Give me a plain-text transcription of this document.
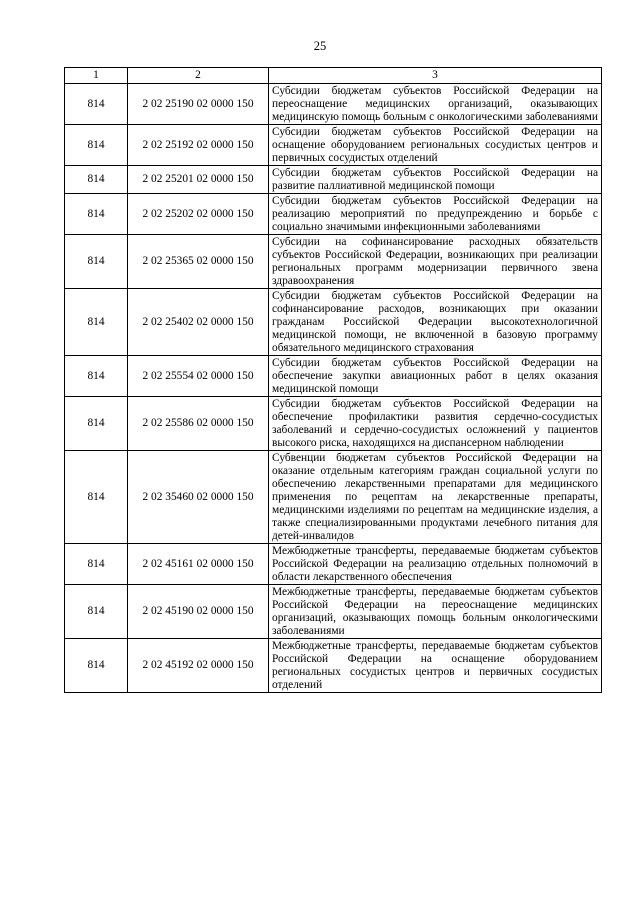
25
1	2	3
814	2 02 25190 02 0000 150	Субсидии бюджетам субъектов Российской Федерации на переоснащение медицинских организаций, оказывающих медицинскую помощь больным с онкологическими заболеваниями
814	2 02 25192 02 0000 150	Субсидии бюджетам субъектов Российской Федерации на оснащение оборудованием региональных сосудистых центров и первичных сосудистых отделений
814	2 02 25201 02 0000 150	Субсидии бюджетам субъектов Российской Федерации на развитие паллиативной медицинской помощи
814	2 02 25202 02 0000 150	Субсидии бюджетам субъектов Российской Федерации на реализацию мероприятий по предупреждению и борьбе с социально значимыми инфекционными заболеваниями
814	2 02 25365 02 0000 150	Субсидии на софинансирование расходных обязательств субъектов Российской Федерации, возникающих при реализации региональных программ модернизации первичного звена здравоохранения
814	2 02 25402 02 0000 150	Субсидии бюджетам субъектов Российской Федерации на софинансирование расходов, возникающих при оказании гражданам Российской Федерации высокотехнологичной медицинской помощи, не включенной в базовую программу обязательного медицинского страхования
814	2 02 25554 02 0000 150	Субсидии бюджетам субъектов Российской Федерации на обеспечение закупки авиационных работ в целях оказания медицинской помощи
814	2 02 25586 02 0000 150	Субсидии бюджетам субъектов Российской Федерации на обеспечение профилактики развития сердечно-сосудистых заболеваний и сердечно-сосудистых осложнений у пациентов высокого риска, находящихся на диспансерном наблюдении
814	2 02 35460 02 0000 150	Субвенции бюджетам субъектов Российской Федерации на оказание отдельным категориям граждан социальной услуги по обеспечению лекарственными препаратами для медицинского применения по рецептам на лекарственные препараты, медицинскими изделиями по рецептам на медицинские изделия, а также специализированными продуктами лечебного питания для детей-инвалидов
814	2 02 45161 02 0000 150	Межбюджетные трансферты, передаваемые бюджетам субъектов Российской Федерации на реализацию отдельных полномочий в области лекарственного обеспечения
814	2 02 45190 02 0000 150	Межбюджетные трансферты, передаваемые бюджетам субъектов Российской Федерации на переоснащение медицинских организаций, оказывающих помощь больным онкологическими заболеваниями
814	2 02 45192 02 0000 150	Межбюджетные трансферты, передаваемые бюджетам субъектов Российской Федерации на оснащение оборудованием региональных сосудистых центров и первичных сосудистых отделений
